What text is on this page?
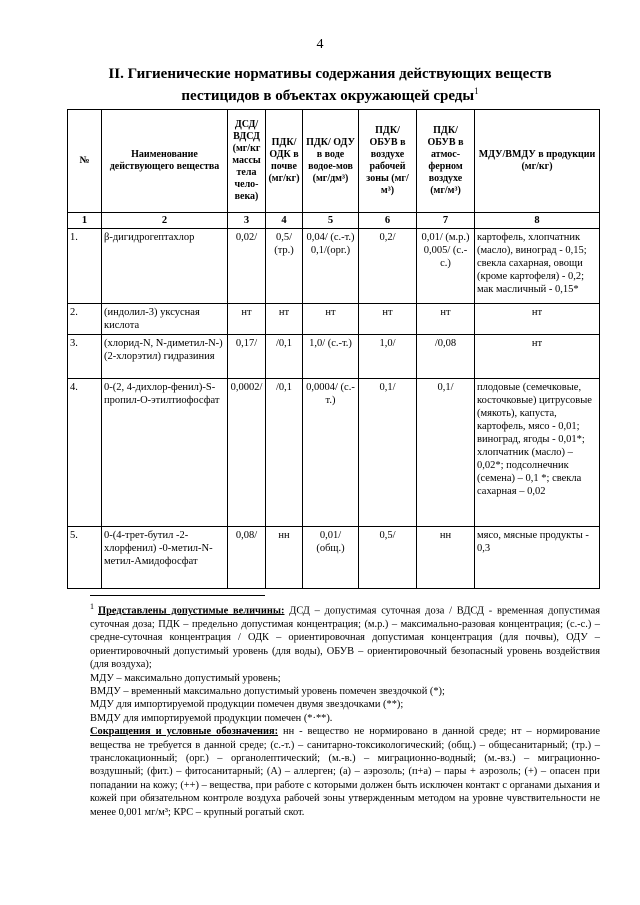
4
II. Гигиенические нормативы содержания действующих веществ
пестицидов в объектах окружающей среды$^1$
№	Наименование действующего вещества	ДСД/ ВДСД (мг/кг массы тела чело-века)	ПДК/ ОДК в почве (мг/кг)	ПДК/ ОДУ в воде водое-мов (мг/дм³)	ПДК/ ОБУВ в воздухе рабочей зоны (мг/м³)	ПДК/ ОБУВ в атмос-ферном воздухе (мг/м³)	МДУ/ВМДУ в продукции (мг/кг)
1	2	3	4	5	6	7	8
1.	β-дигидрогептахлор	0,02/	0,5/ (тр.)	0,04/ (с.-т.) 0,1/(орг.)	0,2/	0,01/ (м.р.) 0,005/ (с.-с.)	картофель, хлопчатник (масло), виноград - 0,15; свекла сахарная, овощи (кроме картофеля) - 0,2; мак масличный - 0,15*
2.	(индолил-3) уксусная кислота	нт	нт	нт	нт	нт	нт
3.	(хлорид-N, N-диметил-N-)(2-хлорэтил) гидразиния	0,17/	/0,1	1,0/ (с.-т.)	1,0/	/0,08	нт
4.	0-(2, 4-дихлор-фенил)-S-пропил-О-этилтиофосфат	0,0002/	/0,1	0,0004/ (с.-т.)	0,1/	0,1/	плодовые (семечковые, косточковые) цитрусовые (мякоть), капуста, картофель, мясо - 0,01; виноград, ягоды - 0,01*; хлопчатник (масло) – 0,02*; подсолнечник (семена) – 0,1 *; свекла сахарная – 0,02
5.	0-(4-трет-бутил -2-хлорфенил) -0-метил-N-метил-Амидофосфат	0,08/	нн	0,01/ (общ.)	0,5/	нн	мясо, мясные продукты - 0,3

$^1$ Представлены допустимые величины: ДСД – допустимая суточная доза / ВДСД - временная допустимая суточная доза; ПДК – предельно допустимая концентрация; (м.р.) – максимально-разовая концентрация; (с.-с.) – средне-суточная концентрация / ОДК – ориентировочная допустимая концентрация (для почвы), ОДУ – ориентировочный допустимый уровень (для воды), ОБУВ – ориентировочный безопасный уровень воздействия (для воздуха);

МДУ – максимально допустимый уровень;

ВМДУ – временный максимально допустимый уровень помечен звездочкой (*);

МДУ для импортируемой продукции помечен двумя звездочками (**);

ВМДУ для импортируемой продукции помечен (*·**).

Сокращения и условные обозначения: нн - вещество не нормировано в данной среде; нт – нормирование вещества не требуется в данной среде; (с.-т.) – санитарно-токсикологический; (общ.) – общесанитарный; (тр.) – транслокационный; (орг.) – органолептический; (м.-в.) – миграционно-водный; (м.-вз.) – миграционно-воздушный; (фит.) – фитосанитарный; (А) – аллерген; (а) – аэрозоль; (п+а) – пары + аэрозоль; (+) – опасен при попадании на кожу; (++) – вещества, при работе с которыми должен быть исключен контакт с органами дыхания и кожей при обязательном контроле воздуха рабочей зоны утвержденным методом на уровне чувствительности не менее 0,001 мг/м³; КРС – крупный рогатый скот.
